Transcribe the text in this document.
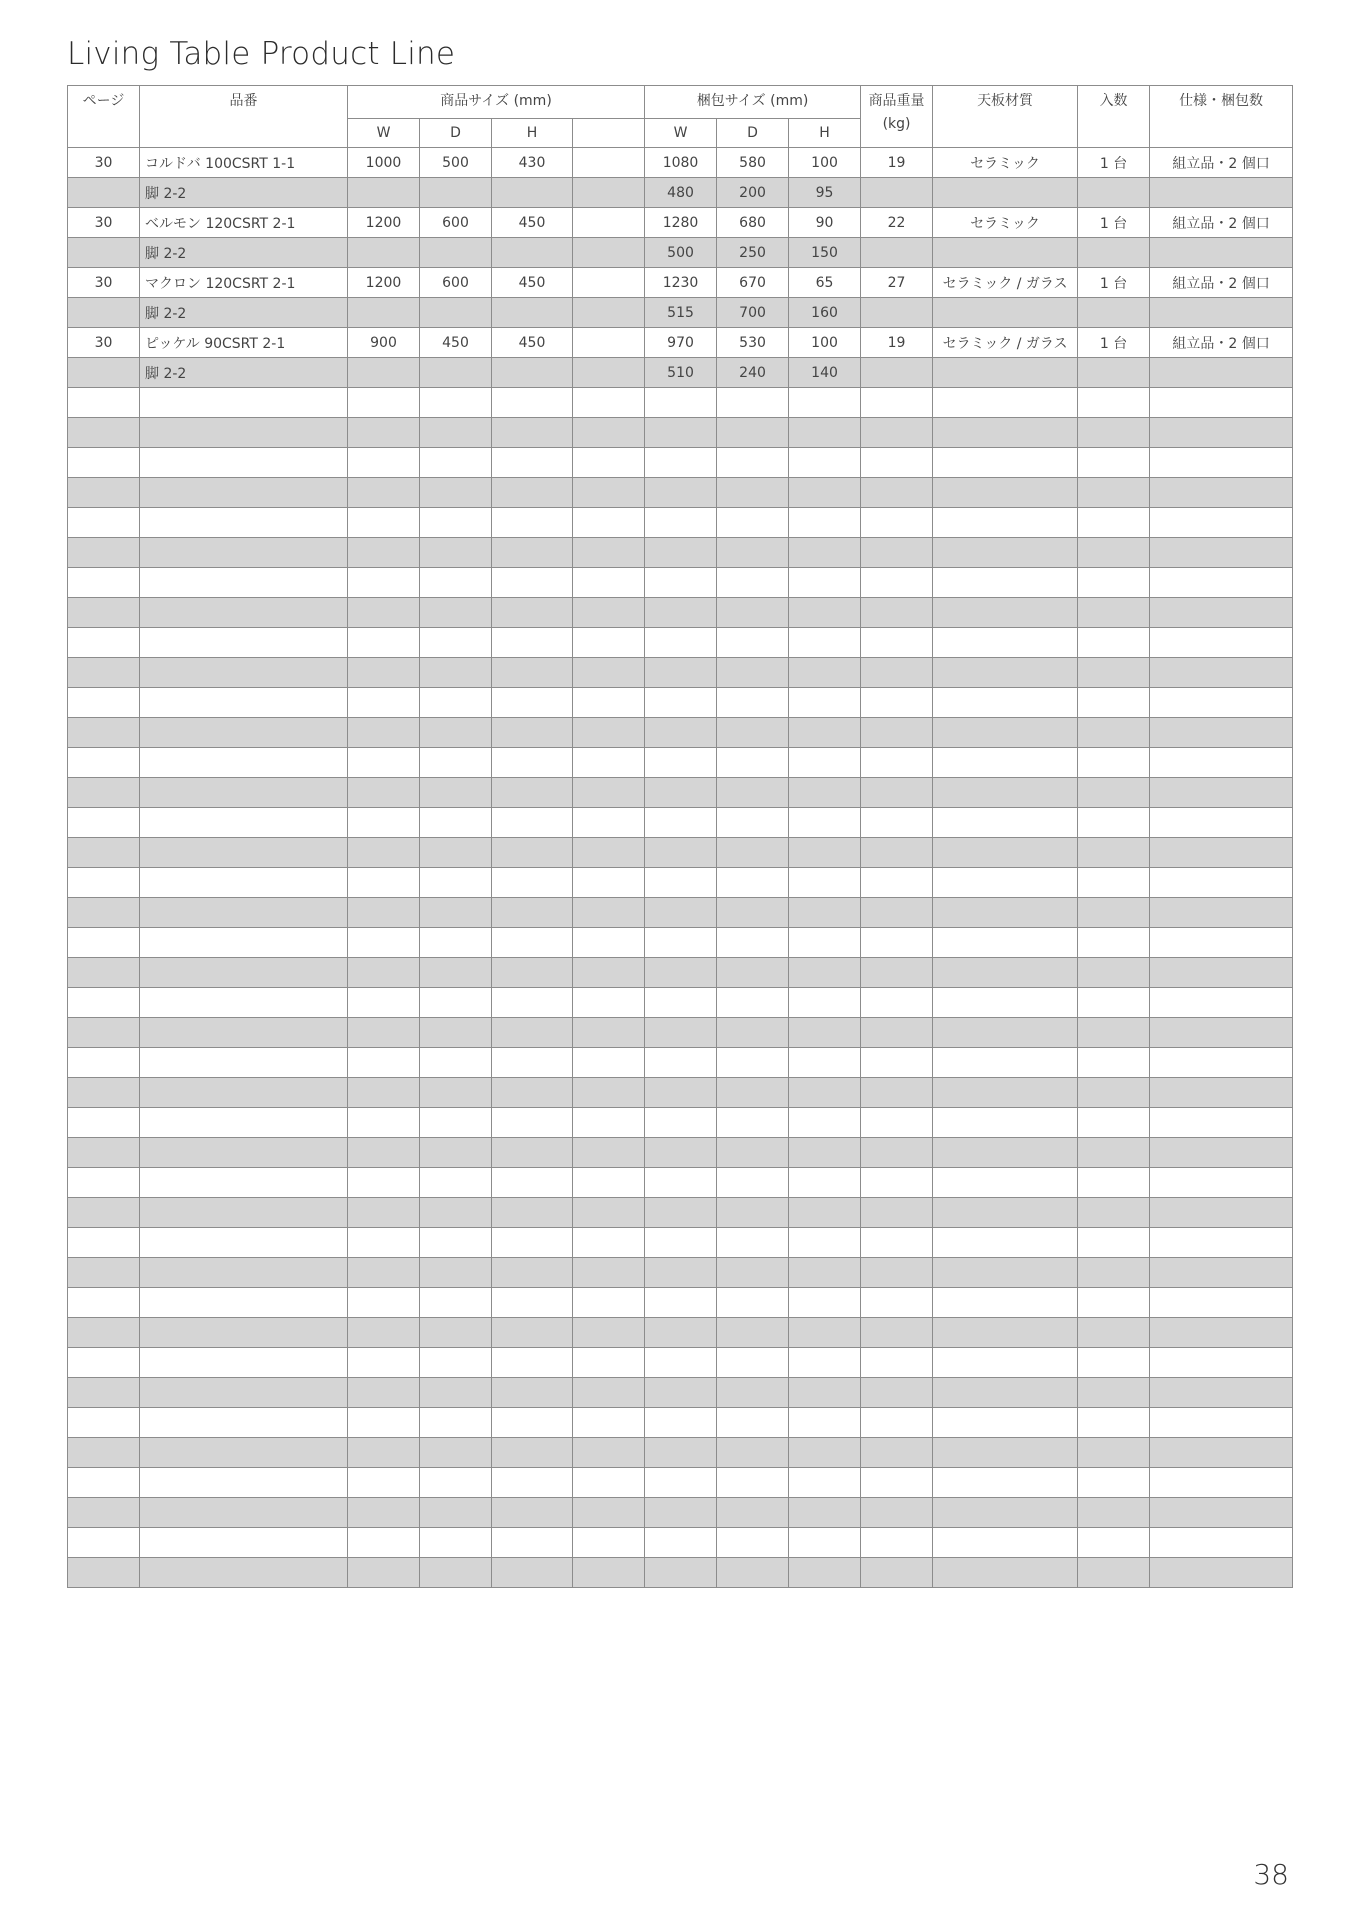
Living Table Product Line
ページ	品番	商品サイズ (mm)				梱包サイズ (mm)			商品重量
(kg)	天板材質	入数	仕様・梱包数
		W	D	H		W	D	H				
30	コルドバ 100CSRT 1-1	1000	500	430		1080	580	100	19	セラミック	1 台	組立品・2 個口
	脚 2-2					480	200	95				
30	ベルモン 120CSRT 2-1	1200	600	450		1280	680	90	22	セラミック	1 台	組立品・2 個口
	脚 2-2					500	250	150				
30	マクロン 120CSRT 2-1	1200	600	450		1230	670	65	27	セラミック / ガラス	1 台	組立品・2 個口
	脚 2-2					515	700	160				
30	ピッケル 90CSRT 2-1	900	450	450		970	530	100	19	セラミック / ガラス	1 台	組立品・2 個口
	脚 2-2					510	240	140				

38
